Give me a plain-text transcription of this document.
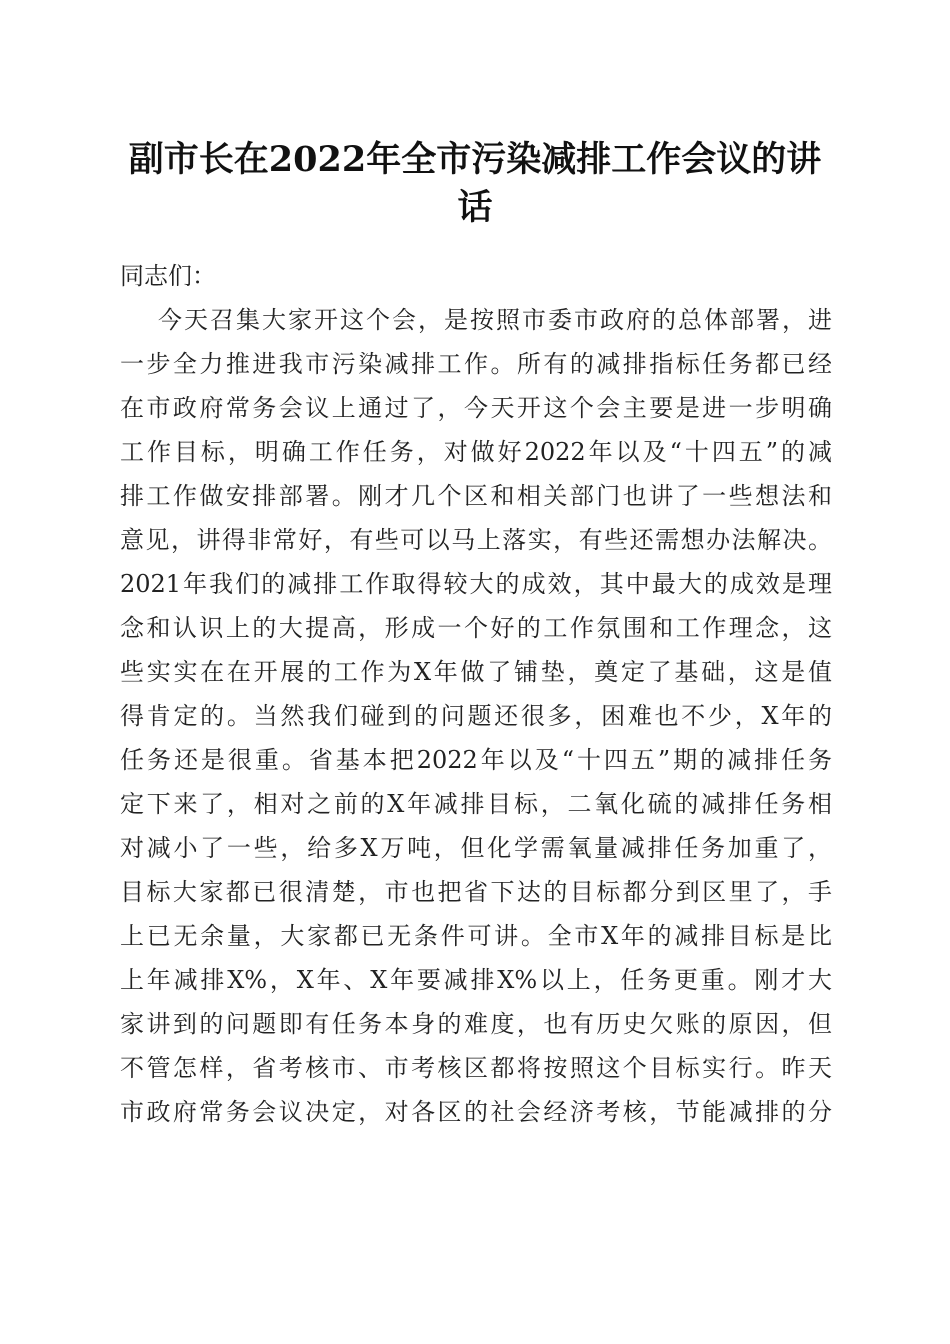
副市长在2022年全市污染减排工作会议的讲话
同志们：
今天召集大家开这个会，是按照市委市政府的总体部署，进
一步全力推进我市污染减排工作。所有的减排指标任务都已经
在市政府常务会议上通过了，今天开这个会主要是进一步明确
工作目标，明确工作任务，对做好2022年以及“十四五”的减
排工作做安排部署。刚才几个区和相关部门也讲了一些想法和
意见，讲得非常好，有些可以马上落实，有些还需想办法解决。
2021年我们的减排工作取得较大的成效，其中最大的成效是理
念和认识上的大提高，形成一个好的工作氛围和工作理念，这
些实实在在开展的工作为X年做了铺垫，奠定了基础，这是值
得肯定的。当然我们碰到的问题还很多，困难也不少，X年的
任务还是很重。省基本把2022年以及“十四五”期的减排任务
定下来了，相对之前的X年减排目标，二氧化硫的减排任务相
对减小了一些，给多X万吨，但化学需氧量减排任务加重了，
目标大家都已很清楚，市也把省下达的目标都分到区里了，手
上已无余量，大家都已无条件可讲。全市X年的减排目标是比
上年减排X%，X年、X年要减排X%以上，任务更重。刚才大
家讲到的问题即有任务本身的难度，也有历史欠账的原因，但
不管怎样，省考核市、市考核区都将按照这个目标实行。昨天
市政府常务会议决定，对各区的社会经济考核，节能减排的分
